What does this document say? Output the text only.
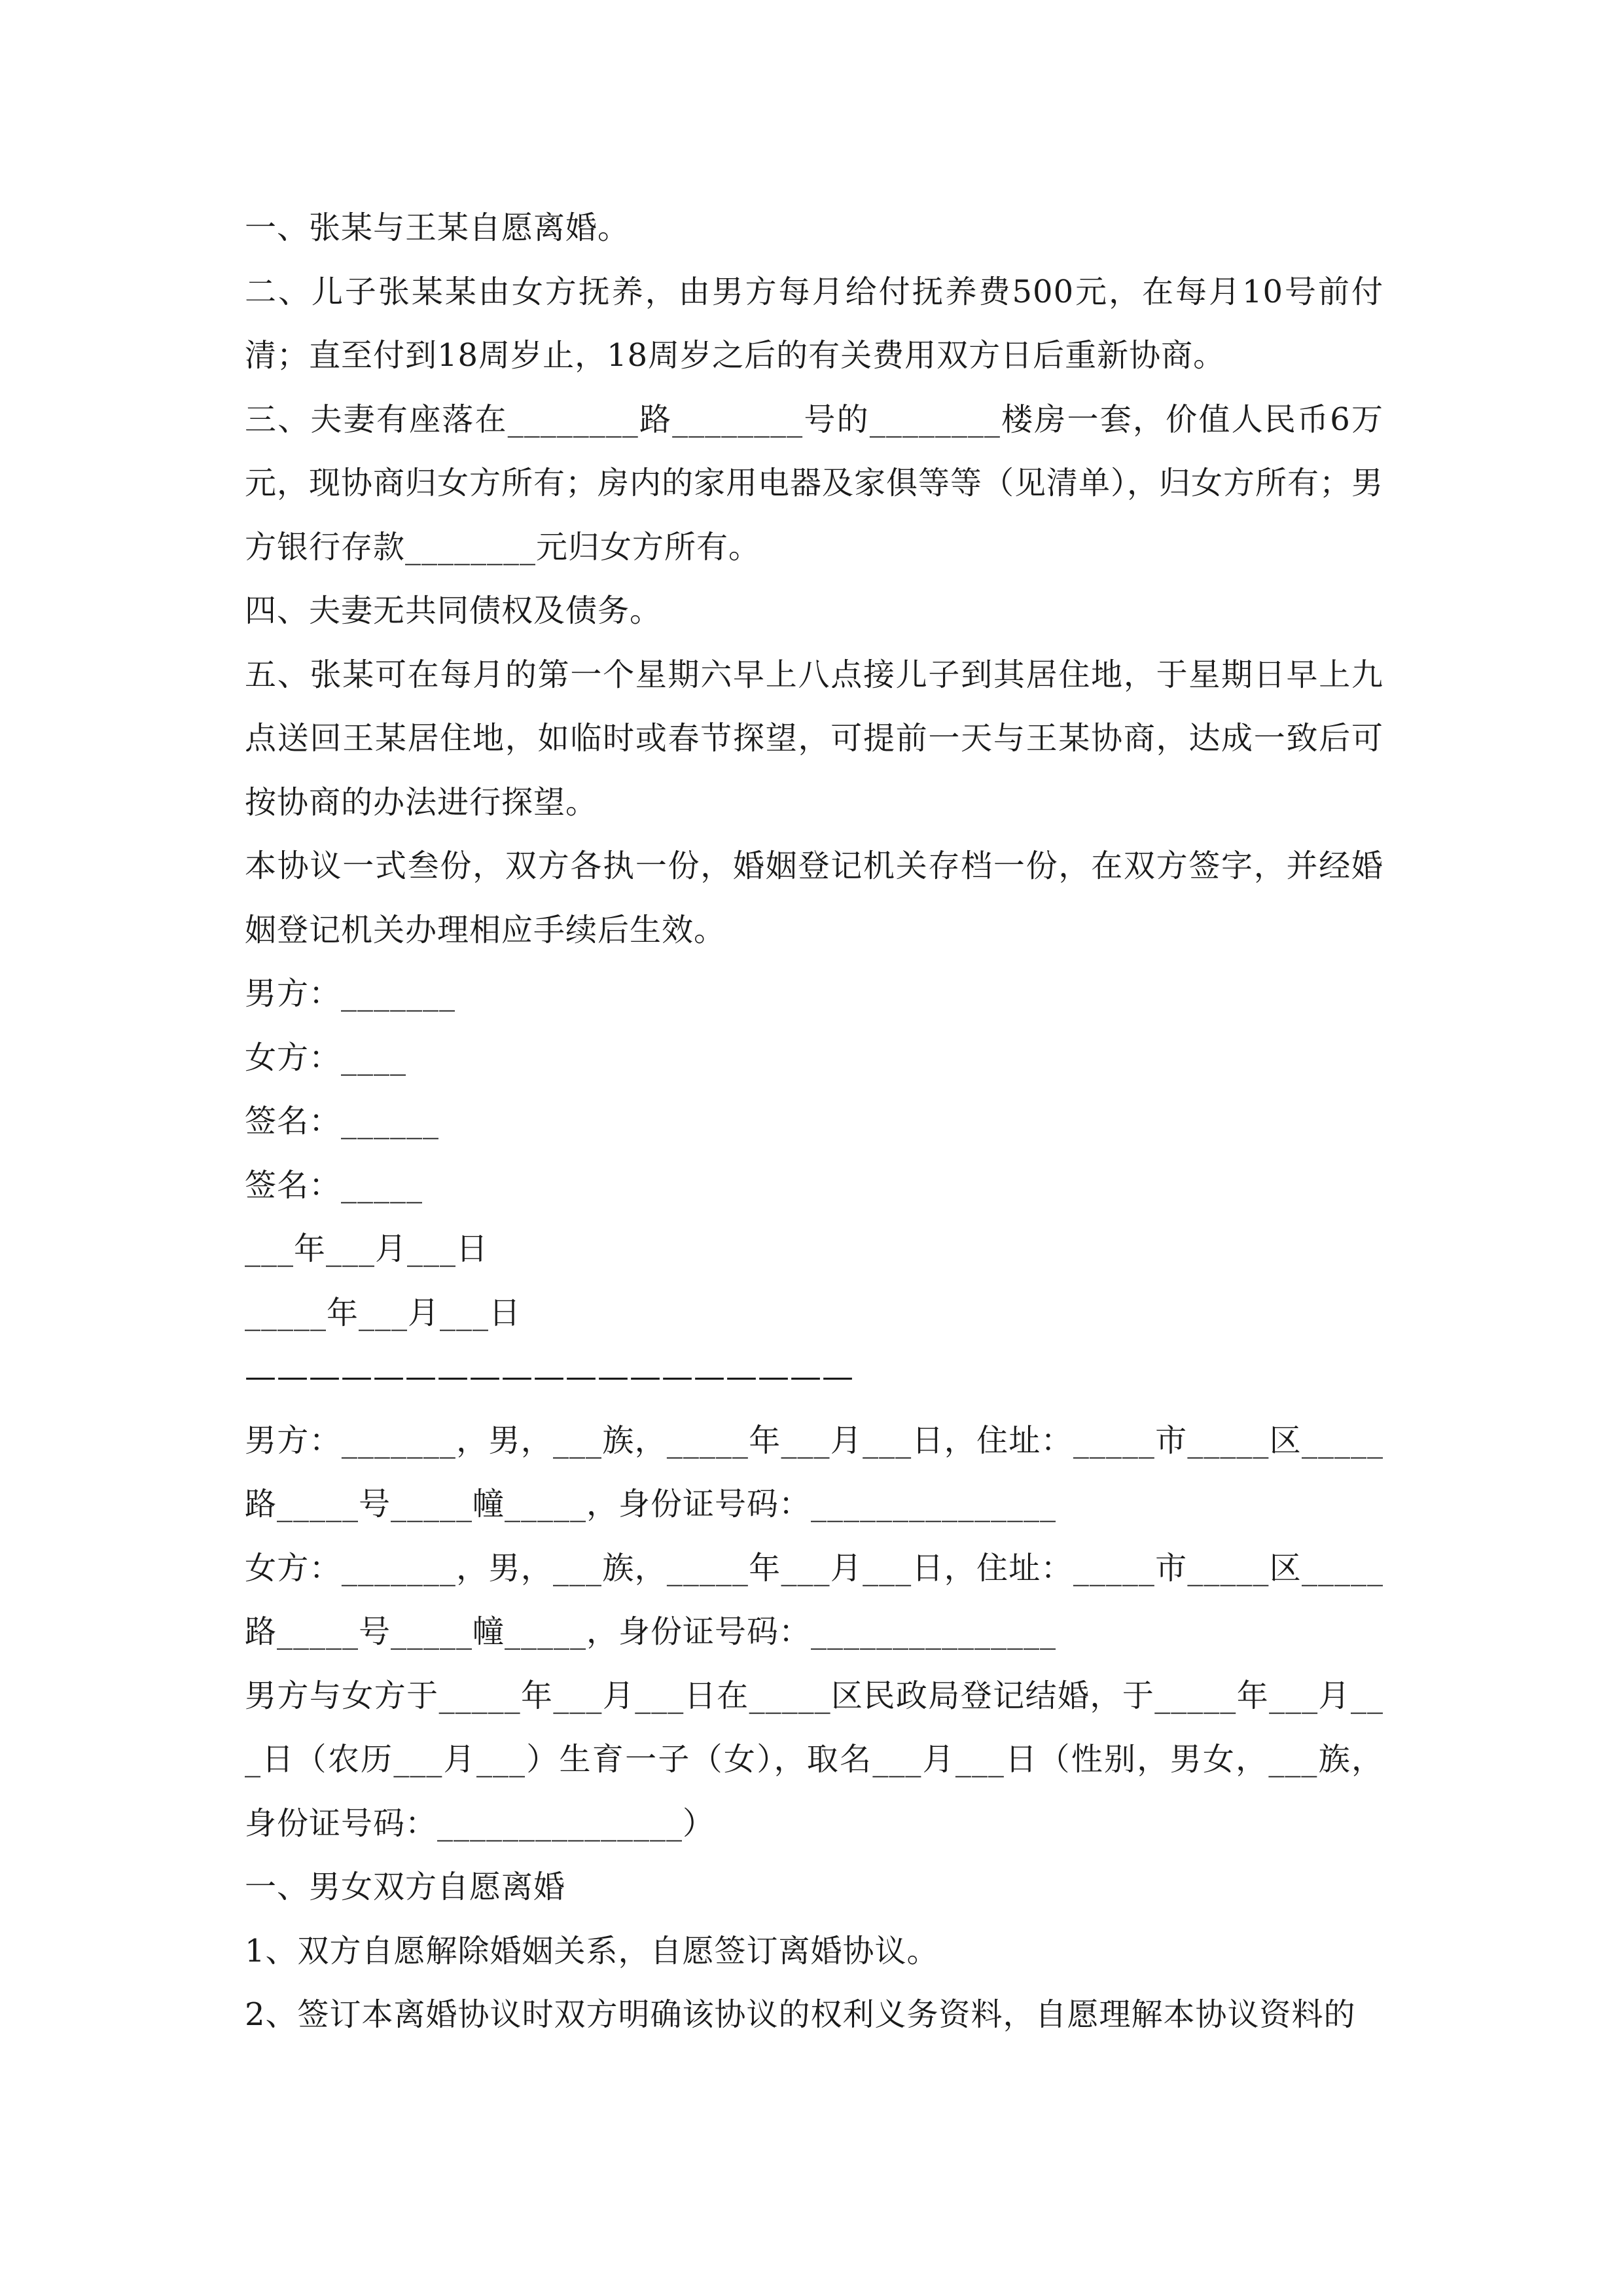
一、张某与王某自愿离婚。

二、儿子张某某由女方抚养，由男方每月给付抚养费500元，在每月10号前付清；直至付到18周岁止，18周岁之后的有关费用双方日后重新协商。

三、夫妻有座落在________路________号的________楼房一套，价值人民币6万元，现协商归女方所有；房内的家用电器及家俱等等（见清单），归女方所有；男方银行存款________元归女方所有。

四、夫妻无共同债权及债务。

五、张某可在每月的第一个星期六早上八点接儿子到其居住地，于星期日早上九点送回王某居住地，如临时或春节探望，可提前一天与王某协商，达成一致后可按协商的办法进行探望。

本协议一式叁份，双方各执一份，婚姻登记机关存档一份，在双方签字，并经婚姻登记机关办理相应手续后生效。

男方：_______

女方：____

签名：______

签名：_____

___年___月___日

_____年___月___日

———————————————————

男方：_______，男，___族，_____年___月___日，住址：_____市_____区_____路_____号_____幢_____，身份证号码：_______________

女方：_______，男，___族，_____年___月___日，住址：_____市_____区_____路_____号_____幢_____，身份证号码：_______________

男方与女方于_____年___月___日在_____区民政局登记结婚，于_____年___月___日（农历___月___）生育一子（女），取名___月___日（性别，男女，___族，身份证号码：_______________）

一、男女双方自愿离婚

1、双方自愿解除婚姻关系，自愿签订离婚协议。

2、签订本离婚协议时双方明确该协议的权利义务资料，自愿理解本协议资料的
